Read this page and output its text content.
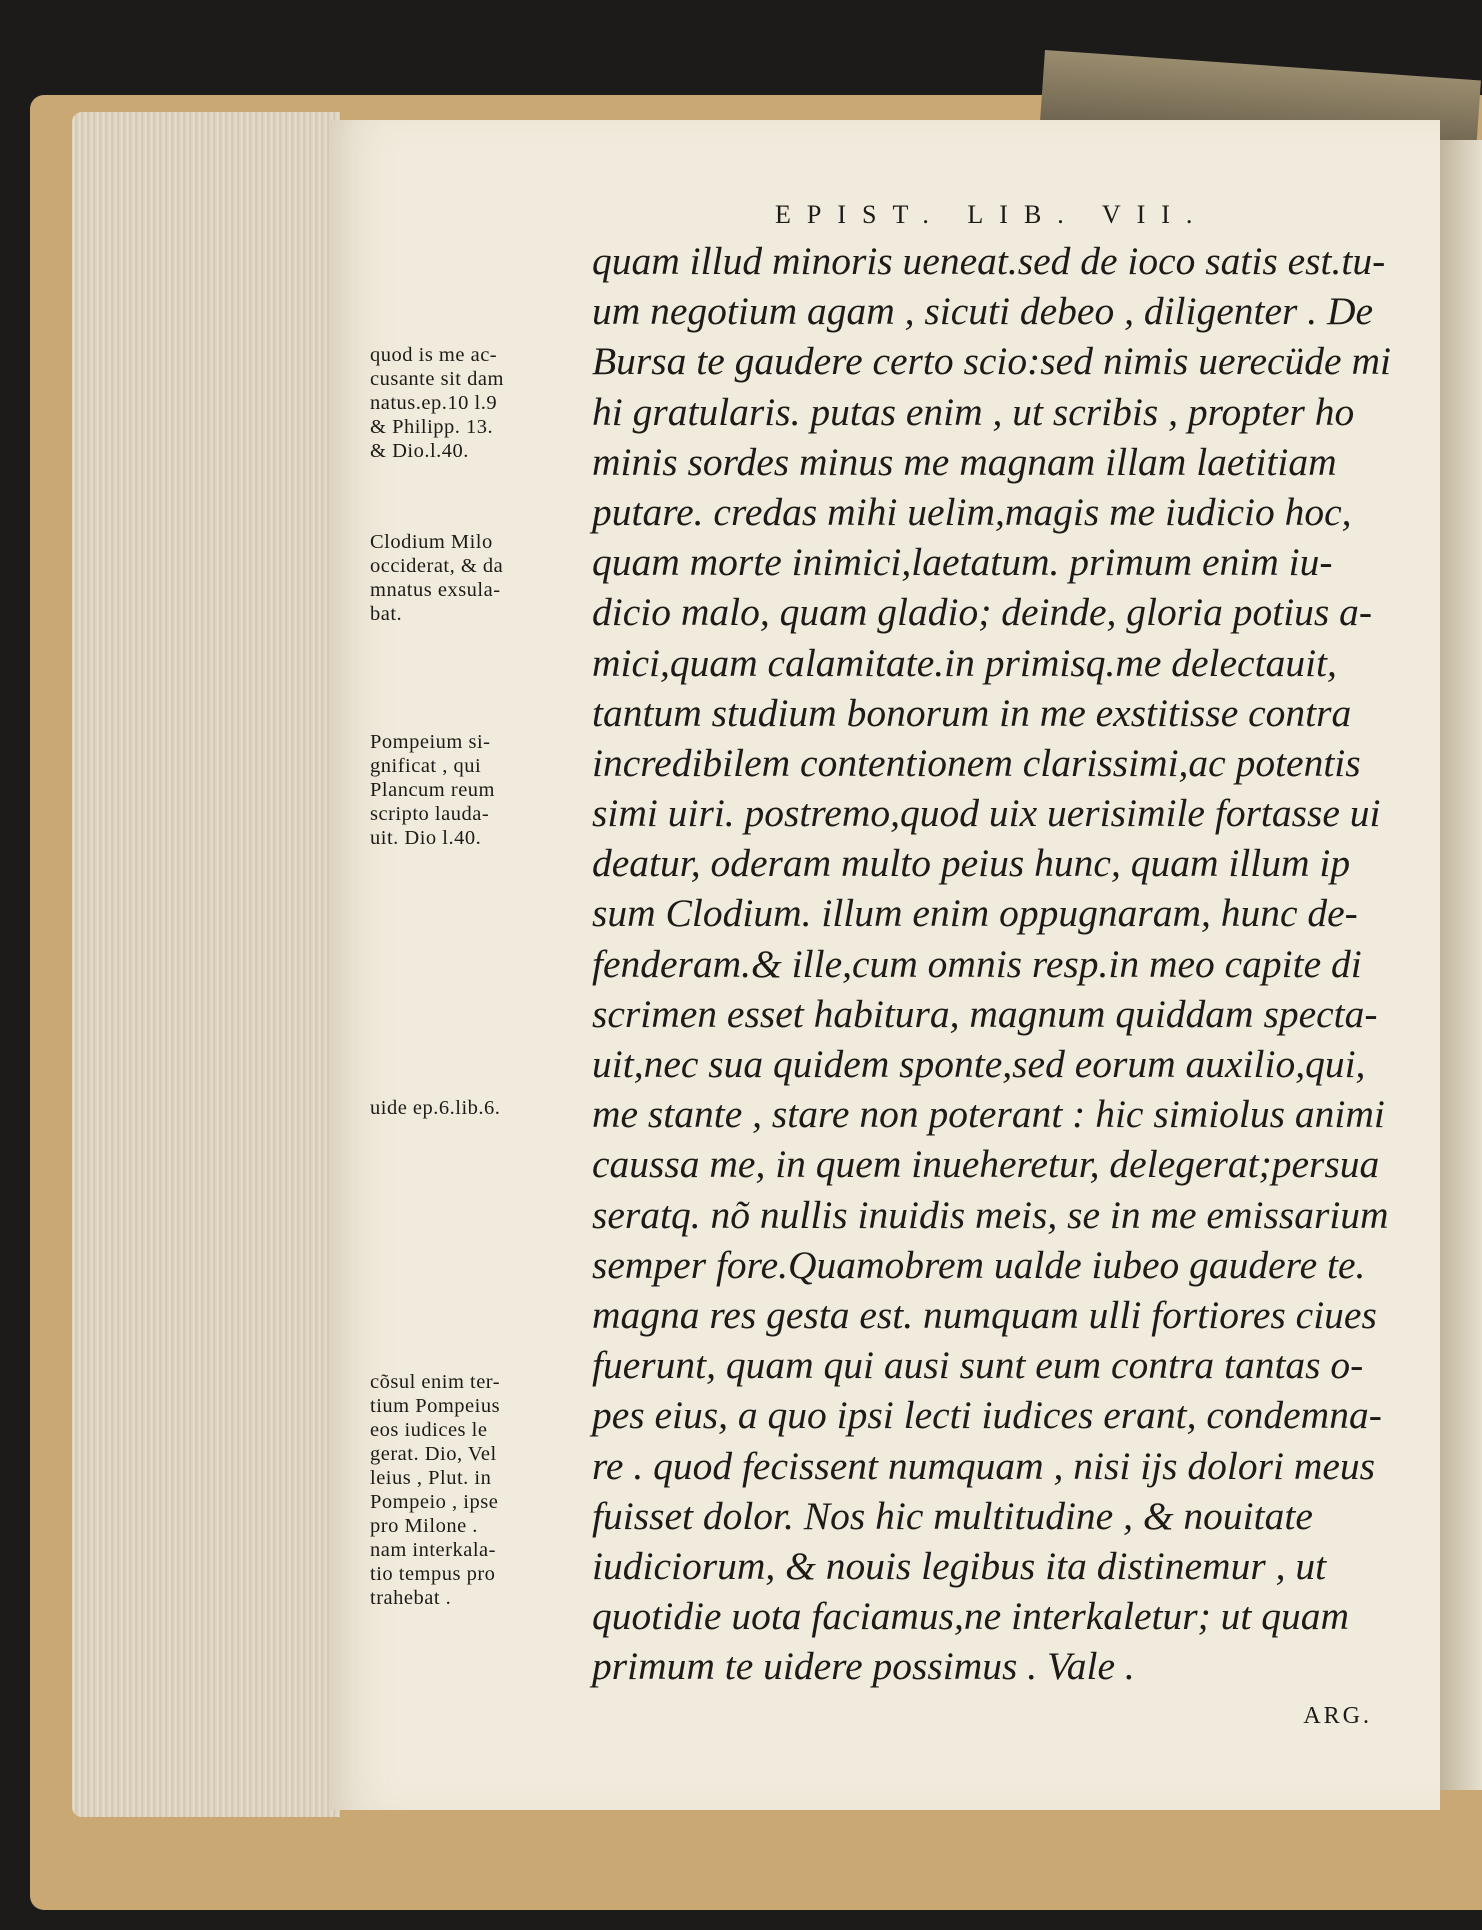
EPIST. LIB. VII.
quam illud minoris ueneat.sed de ioco satis est.tu-
um negotium agam , sicuti debeo , diligenter . De
Bursa te gaudere certo scio:sed nimis uerecüde mi
hi gratularis. putas enim , ut scribis , propter ho
minis sordes minus me magnam illam laetitiam
putare. credas mihi uelim,magis me iudicio hoc,
quam morte inimici,laetatum. primum enim iu-
dicio malo, quam gladio; deinde, gloria potius a-
mici,quam calamitate.in primisq.me delectauit,
tantum studium bonorum in me exstitisse contra
incredibilem contentionem clarissimi,ac potentis
simi uiri. postremo,quod uix uerisimile fortasse ui
deatur, oderam multo peius hunc, quam illum ip
sum Clodium. illum enim oppugnaram, hunc de-
fenderam.& ille,cum omnis resp.in meo capite di
scrimen esset habitura, magnum quiddam specta-
uit,nec sua quidem sponte,sed eorum auxilio,qui,
me stante , stare non poterant : hic simiolus animi
caussa me, in quem inueheretur, delegerat;persua
seratq. nõ nullis inuidis meis, se in me emissarium
semper fore.Quamobrem ualde iubeo gaudere te.
magna res gesta est. numquam ulli fortiores ciues
fuerunt, quam qui ausi sunt eum contra tantas o-
pes eius, a quo ipsi lecti iudices erant, condemna-
re . quod fecissent numquam , nisi ijs dolori meus
fuisset dolor. Nos hic multitudine , & nouitate
iudiciorum, & nouis legibus ita distinemur , ut
quotidie uota faciamus,ne interkaletur; ut quam
primum te uidere possimus . Vale .
ARG.
quod is me ac-
cusante sit dam
natus.ep.10 l.9
& Philipp. 13.
& Dio.l.40.
Clodium Milo
occiderat, & da
mnatus exsula-
bat.
Pompeium si-
gnificat , qui
Plancum reum
scripto lauda-
uit. Dio l.40.
uide ep.6.lib.6.
cõsul enim ter-
tium Pompeius
eos iudices le
gerat. Dio, Vel
leius , Plut. in
Pompeio , ipse
pro Milone .
nam interkala-
tio tempus pro
trahebat .
